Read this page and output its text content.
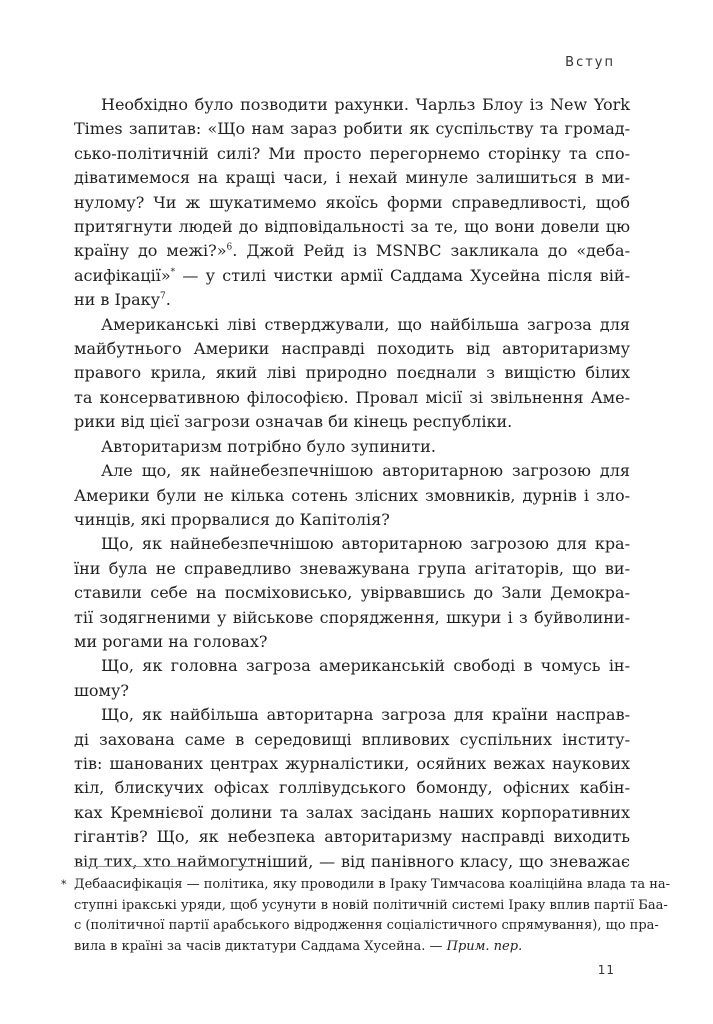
Вступ
Необхідно було позводити рахунки. Чарльз Блоу із New York
Times запитав: «Що нам зараз робити як суспільству та громад-
сько-політичній силі? Ми просто перегорнемо сторінку та спо-
діватимемося на кращі часи, і нехай минуле залишиться в ми-
нулому? Чи ж шукатимемо якоїсь форми справедливості, щоб
притягнути людей до відповідальності за те, що вони довели цю
країну до межі?»$^6$. Джой Рейд із MSNBC закликала до «дебa-
асифікації»* — у стилі чистки армії Саддама Хусейна після вій-
ни в Іраку$^7$.
Американські ліві стверджували, що найбільша загроза для
майбутнього Америки насправді походить від авторитаризму
правого крила, який ліві природно поєднали з вищістю білих
та консервативною філософією. Провал місії зі звільнення Аме-
рики від цієї загрози означав би кінець республіки.
Авторитаризм потрібно було зупинити.
Але що, як найнебезпечнішою авторитарною загрозою для
Америки були не кілька сотень злісних змовників, дурнів і зло-
чинців, які прорвалися до Капітолія?
Що, як найнебезпечнішою авторитарною загрозою для кра-
їни була не справедливо зневажувана група агітаторів, що ви-
ставили себе на посміховисько, увірвавшись до Зали Демокра-
тії зодягненими у військове спорядження, шкури і з буйволини-
ми рогами на головах?
Що, як головна загроза американській свободі в чомусь ін-
шому?
Що, як найбільша авторитарна загроза для країни насправ-
ді захована саме в середовищі впливових суспільних інститу-
тів: шанованих центрах журналістики, осяйних вежах наукових
кіл, блискучих офісах голлівудського бомонду, офісних кабін-
ках Кремнієвої долини та залах засідань наших корпоративних
гігантів? Що, як небезпека авторитаризму насправді виходить
від тих, хто наймогутніший, — від панівного класу, що зневажає
* Дебаасифікація — політика, яку проводили в Іраку Тимчасова коаліційна влада та на-
ступні іракські уряди, щоб усунути в новій політичній системі Іраку вплив партії Баа-
с (політичної партії арабського відродження соціалістичного спрямування), що пра-
вила в країні за часів диктатури Саддама Хусейна. — Прим. пер.
11
